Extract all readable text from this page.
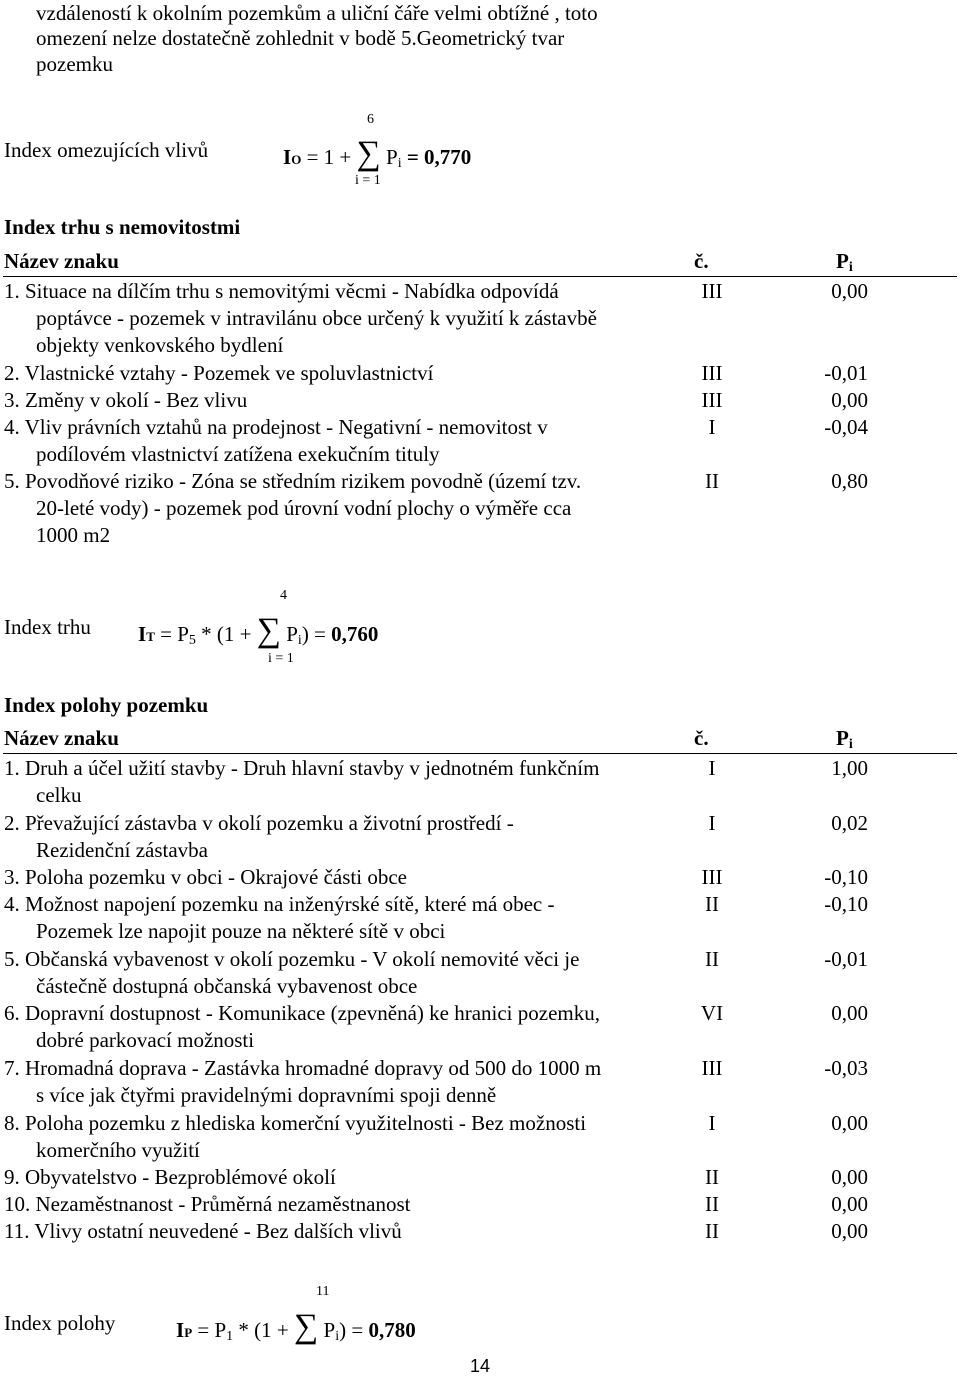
vzdáleností k okolním pozemkům a uliční čáře velmi obtížné , toto
omezení nelze dostatečně zohlednit v bodě 5.Geometrický tvar
pozemku
Index omezujících vlivů
6
i = 1
IO = 1 + ∑ $P_i = 0,770$
Index trhu s nemovitostmi
Název znaku	č.	$P_i$
1. Situace na dílčím trhu s nemovitými věcmi - Nabídka odpovídá
poptávce - pozemek v intravilánu obce určený k využití k zástavbě
objekty venkovského bydlení
III	0,00
2. Vlastnické vztahy - Pozemek ve spoluvlastnictví	III	-0,01
3. Změny v okolí - Bez vlivu	III	0,00
4. Vliv právních vztahů na prodejnost - Negativní - nemovitost v
podílovém vlastnictví zatížena exekučním tituly
I	-0,04
5. Povodňové riziko - Zóna se středním rizikem povodně (území tzv.
20-leté vody) - pozemek pod úrovní vodní plochy o výměře cca
1000 m2
II	0,80
Index trhu
4
i = 1
IT = $P_5 * (1$ + ∑ $P_i) = 0,760$
Index polohy pozemku
Název znaku	č.	$P_i$
1. Druh a účel užití stavby - Druh hlavní stavby v jednotném funkčním
celku
I	1,00
2. Převažující zástavba v okolí pozemku a životní prostředí -
Rezidenční zástavba
I	0,02
3. Poloha pozemku v obci - Okrajové části obce	III	-0,10
4. Možnost napojení pozemku na inženýrské sítě, které má obec -
Pozemek lze napojit pouze na některé sítě v obci
II	-0,10
5. Občanská vybavenost v okolí pozemku - V okolí nemovité věci je
částečně dostupná občanská vybavenost obce
II	-0,01
6. Dopravní dostupnost - Komunikace (zpevněná) ke hranici pozemku,
dobré parkovací možnosti
VI	0,00
7. Hromadná doprava - Zastávka hromadné dopravy od 500 do 1000 m
s více jak čtyřmi pravidelnými dopravními spoji denně
III	-0,03
8. Poloha pozemku z hlediska komerční využitelnosti - Bez možnosti
komerčního využití
I	0,00
9. Obyvatelstvo - Bezproblémové okolí	II	0,00
10. Nezaměstnanost - Průměrná nezaměstnanost	II	0,00
11. Vlivy ostatní neuvedené - Bez dalších vlivů	II	0,00
Index polohy
11
IP = $P_1 * (1$ + ∑ $P_i) = 0,780$
14
